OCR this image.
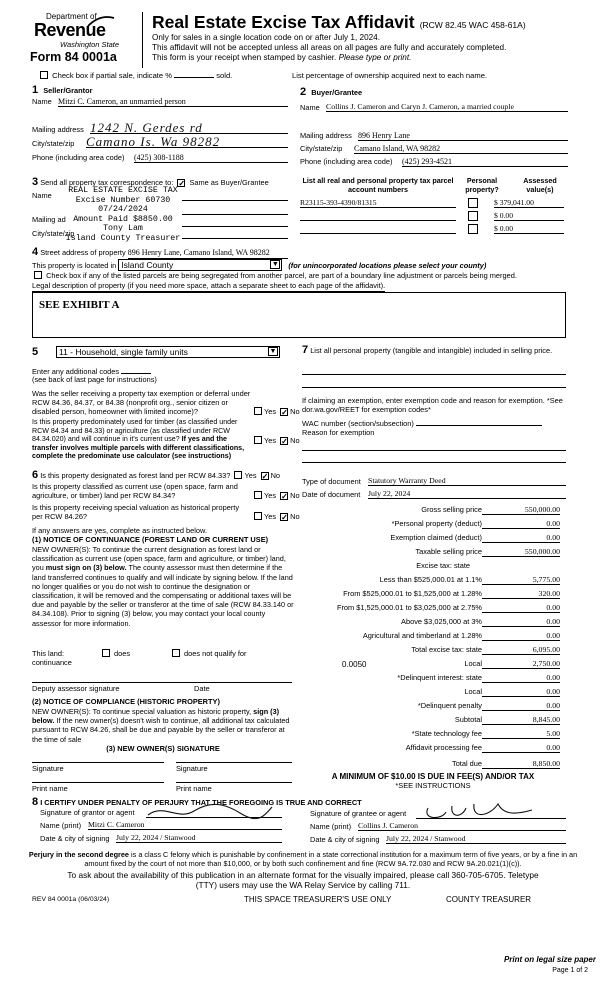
Department of
Revenue
Washington State
Form 84 0001a
Real Estate Excise Tax Affidavit (RCW 82.45 WAC 458-61A)
Only for sales in a single location code on or after July 1, 2024.
This affidavit will not be accepted unless all areas on all pages are fully and accurately completed.
This form is your receipt when stamped by cashier. Please type or print.
Check box if partial sale, indicate %	sold.	List percentage of ownership acquired next to each name.
1 Seller/Grantor
Name Mitzi C. Cameron, an unmarried person
Mailing address 1242 N. Gerdes rd
City/state/zip Camano Is. Wa 98282
Phone (including area code) (425) 308-1188
2 Buyer/Grantee
Name Collins J. Cameron and Caryn J. Cameron, a married couple
Mailing address 896 Henry Lane
City/state/zip Camano Island, WA 98282
Phone (including area code) (425) 293-4521
3 Send all property tax correspondence to: ✓ Same as Buyer/Grantee
Name
Mailing ad
City/state/zip
REAL ESTATE EXCISE TAX
Excise Number 60730
07/24/2024
Amount Paid $8850.00
Tony Lam
Island County Treasurer
List all real and personal property tax parcel account numbers
Personal property?
Assessed value(s)
R23115-393-4390/81315	$ 379,041.00
$ 0.00
$ 0.00
4 Street address of property 896 Henry Lane, Camano Island, WA 98282
This property is located in Island County	▼ (for unincorporated locations please select your county)
Check box if any of the listed parcels are being segregated from another parcel, are part of a boundary line adjustment or parcels being merged.
Legal description of property (if you need more space, attach a separate sheet to each page of the affidavit).
SEE EXHIBIT A
5	11 - Household, single family units	▼
Enter any additional codes
(see back of last page for instructions)
Was the seller receiving a property tax exemption or deferral under RCW 84.36, 84.37, or 84.38 (nonprofit org., senior citizen or disabled person, homeowner with limited income)?	Yes ✓ No
Is this property predominately used for timber (as classified under RCW 84.34 and 84.33) or agriculture (as classified under RCW 84.34.020) and will continue in it's current use? If yes and the transfer involves multiple parcels with different classifications, complete the predominate use calculator (see instructions)
Yes ✓ No
6 Is this property designated as forest land per RCW 84.33? Yes ✓ No
Is this property classified as current use (open space, farm and agriculture, or timber) land per RCW 84.34?	Yes ✓ No
Is this property receiving special valuation as historical property per RCW 84.26?	Yes ✓ No
If any answers are yes, complete as instructed below.
(1) NOTICE OF CONTINUANCE (FOREST LAND OR CURRENT USE)
NEW OWNER(S): To continue the current designation as forest land or classification as current use (open space, farm and agriculture, or timber) land, you must sign on (3) below. The county assessor must then determine if the land transferred continues to qualify and will indicate by signing below. If the land no longer qualifies or you do not wish to continue the designation or classification, it will be removed and the compensating or additional taxes will be due and payable by the seller or transferor at the time of sale (RCW 84.33.140 or 84.34.108). Prior to signing (3) below, you may contact your local county assessor for more information.
This land:
continuance
does	does not qualify for
Deputy assessor signature	Date
(2) NOTICE OF COMPLIANCE (HISTORIC PROPERTY)
NEW OWNER(S): To continue special valuation as historic property, sign (3) below. If the new owner(s) doesn't wish to continue, all additional tax calculated pursuant to RCW 84.26, shall be due and payable by the seller or transferor at the time of sale
(3) NEW OWNER(S) SIGNATURE
Signature	Signature
Print name	Print name
7 List all personal property (tangible and intangible) included in selling price.
If claiming an exemption, enter exemption code and reason for exemption. *See dor.wa.gov/REET for exemption codes*
WAC number (section/subsection)
Reason for exemption
Type of document Statutory Warranty Deed
Date of document July 22, 2024
Gross selling price	550,000.00
*Personal property (deduct)	0.00
Exemption claimed (deduct)	0.00
Taxable selling price	550,000.00
Excise tax: state
Less than $525,000.01 at 1.1%	5,775.00
From $525,000.01 to $1,525,000 at 1.28%	320.00
From $1,525,000.01 to $3,025,000 at 2.75%	0.00
Above $3,025,000 at 3%	0.00
Agricultural and timberland at 1.28%	0.00
Total excise tax: state	6,095.00
0.0050	Local	2,750.00
*Delinquent interest: state	0.00
Local	0.00
*Delinquent penalty	0.00
Subtotal	8,845.00
*State technology fee	5.00
Affidavit processing fee	0.00
Total due	8,850.00
A MINIMUM OF $10.00 IS DUE IN FEE(S) AND/OR TAX
*SEE INSTRUCTIONS
8 I CERTIFY UNDER PENALTY OF PERJURY THAT THE FOREGOING IS TRUE AND CORRECT
Signature of grantor or agent
Name (print) Mitzi C. Cameron
Date & city of signing July 22, 2024 / Stanwood
Signature of grantee or agent
Name (print) Collins J. Cameron
Date & city of signing July 22, 2024 / Stanwood
Perjury in the second degree is a class C felony which is punishable by confinement in a state correctional institution for a maximum term of five years, or by a fine in an amount fixed by the court of not more than $10,000, or by both such confinement and fine (RCW 9A.72.030 and RCW 9A.20.021(1)(c)).
To ask about the availability of this publication in an alternate format for the visually impaired, please call 360-705-6705. Teletype
(TTY) users may use the WA Relay Service by calling 711.
REV 84 0001a (06/03/24)	THIS SPACE TREASURER'S USE ONLY	COUNTY TREASURER
Print on legal size paper
Page 1 of 2
